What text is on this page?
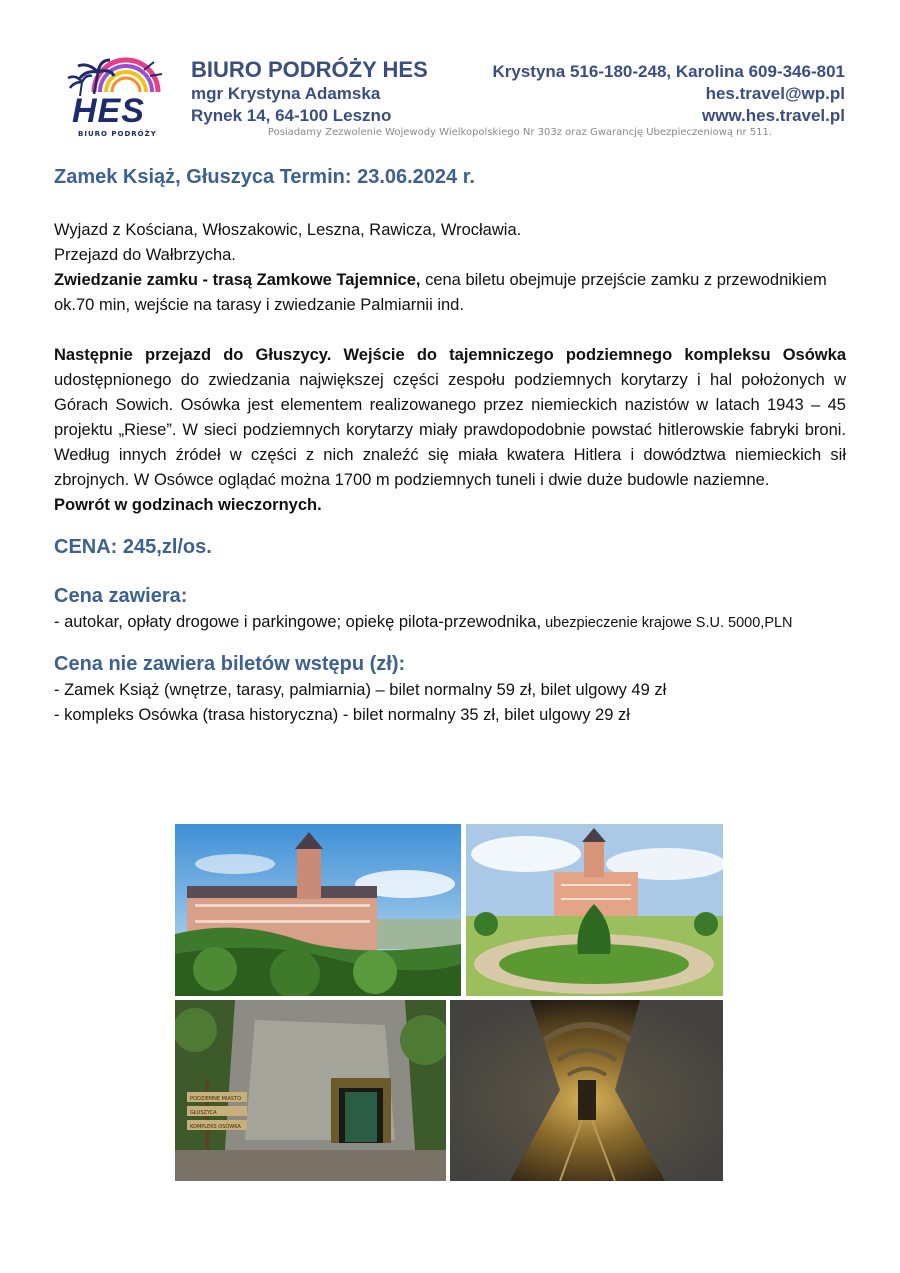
HES
BIURO PODRÓŻY
BIURO PODRÓŻY HES
mgr Krystyna Adamska
Rynek 14, 64-100 Leszno
Krystyna 516-180-248, Karolina 609-346-801
hes.travel@wp.pl
www.hes.travel.pl
Posiadamy Zezwolenie Wojewody Wielkopolskiego Nr 303z oraz Gwarancję Ubezpieczeniową nr 511.
Zamek Książ, Głuszyca Termin: 23.06.2024 r.

Wyjazd z Kościana, Włoszakowic, Leszna, Rawicza, Wrocławia.

Przejazd do Wałbrzycha.

Zwiedzanie zamku - trasą Zamkowe Tajemnice, cena biletu obejmuje przejście zamku z przewodnikiem ok.70 min, wejście na tarasy i zwiedzanie Palmiarnii ind.

Następnie przejazd do Głuszycy. Wejście do tajemniczego podziemnego kompleksu Osówka udostępnionego do zwiedzania największej części zespołu podziemnych korytarzy i hal położonych w Górach Sowich. Osówka jest elementem realizowanego przez niemieckich nazistów w latach 1943 – 45 projektu „Riese”. W sieci podziemnych korytarzy miały prawdopodobnie powstać hitlerowskie fabryki broni. Według innych źródeł w części z nich znaleźć się miała kwatera Hitlera i dowództwa niemieckich sił zbrojnych. W Osówce oglądać można 1700 m podziemnych tuneli i dwie duże budowle naziemne.

Powrót w godzinach wieczornych.

CENA: 245,zl/os.
Cena zawiera:

- autokar, opłaty drogowe i parkingowe; opiekę pilota-przewodnika, ubezpieczenie krajowe S.U. 5000,PLN

Cena nie zawiera biletów wstępu (zł):

- Zamek Książ (wnętrze, tarasy, palmiarnia) – bilet normalny 59 zł, bilet ulgowy 49 zł

- kompleks Osówka (trasa historyczna) - bilet normalny 35 zł, bilet ulgowy 29 zł

PODZIEMNE MIASTO
GŁUSZYCA
KOMPLEKS OSÓWKA
